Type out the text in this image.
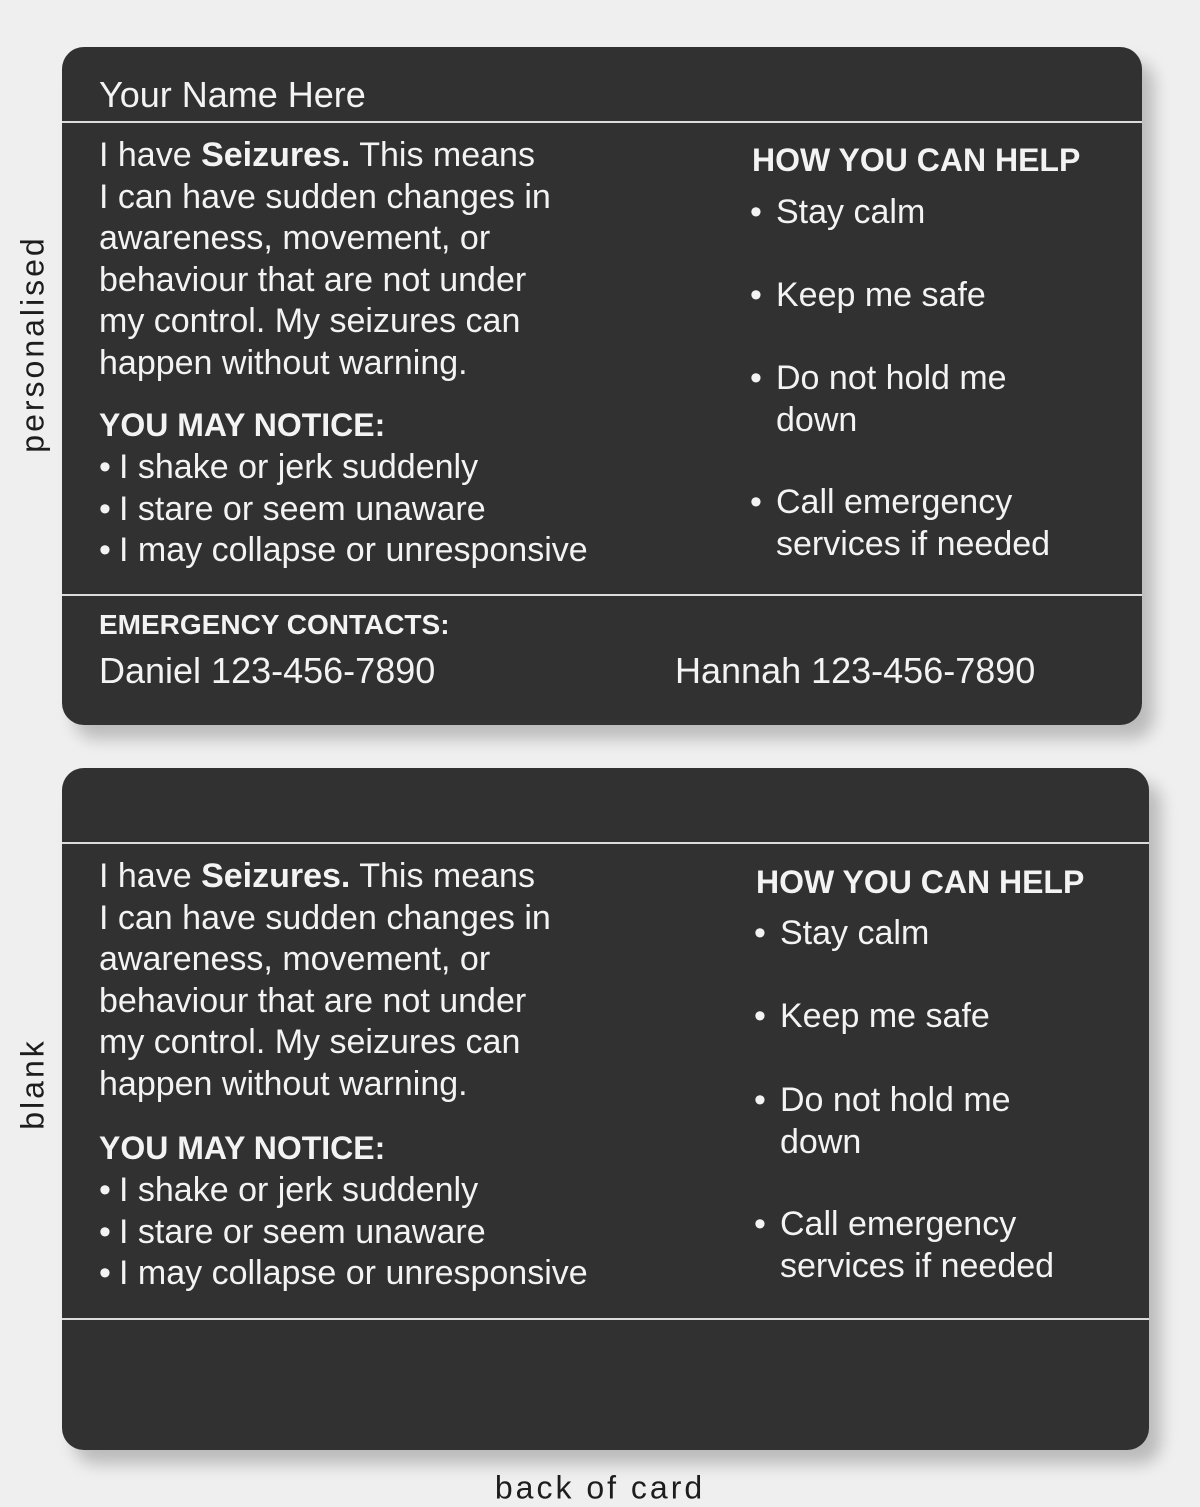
personalised
blank
Your Name Here
I have Seizures. This means
I can have sudden changes in
awareness, movement, or
behaviour that are not under
my control. My seizures can
happen without warning.
YOU MAY NOTICE:
• I shake or jerk suddenly
• I stare or seem unaware
• I may collapse or unresponsive
HOW YOU CAN HELP
• Stay calm
• Keep me safe
• Do not hold me
down
• Call emergency
services if needed
EMERGENCY CONTACTS:
Daniel 123-456-7890	Hannah 123-456-7890
I have Seizures. This means
I can have sudden changes in
awareness, movement, or
behaviour that are not under
my control. My seizures can
happen without warning.
YOU MAY NOTICE:
• I shake or jerk suddenly
• I stare or seem unaware
• I may collapse or unresponsive
HOW YOU CAN HELP
• Stay calm
• Keep me safe
• Do not hold me
down
• Call emergency
services if needed
back of card
